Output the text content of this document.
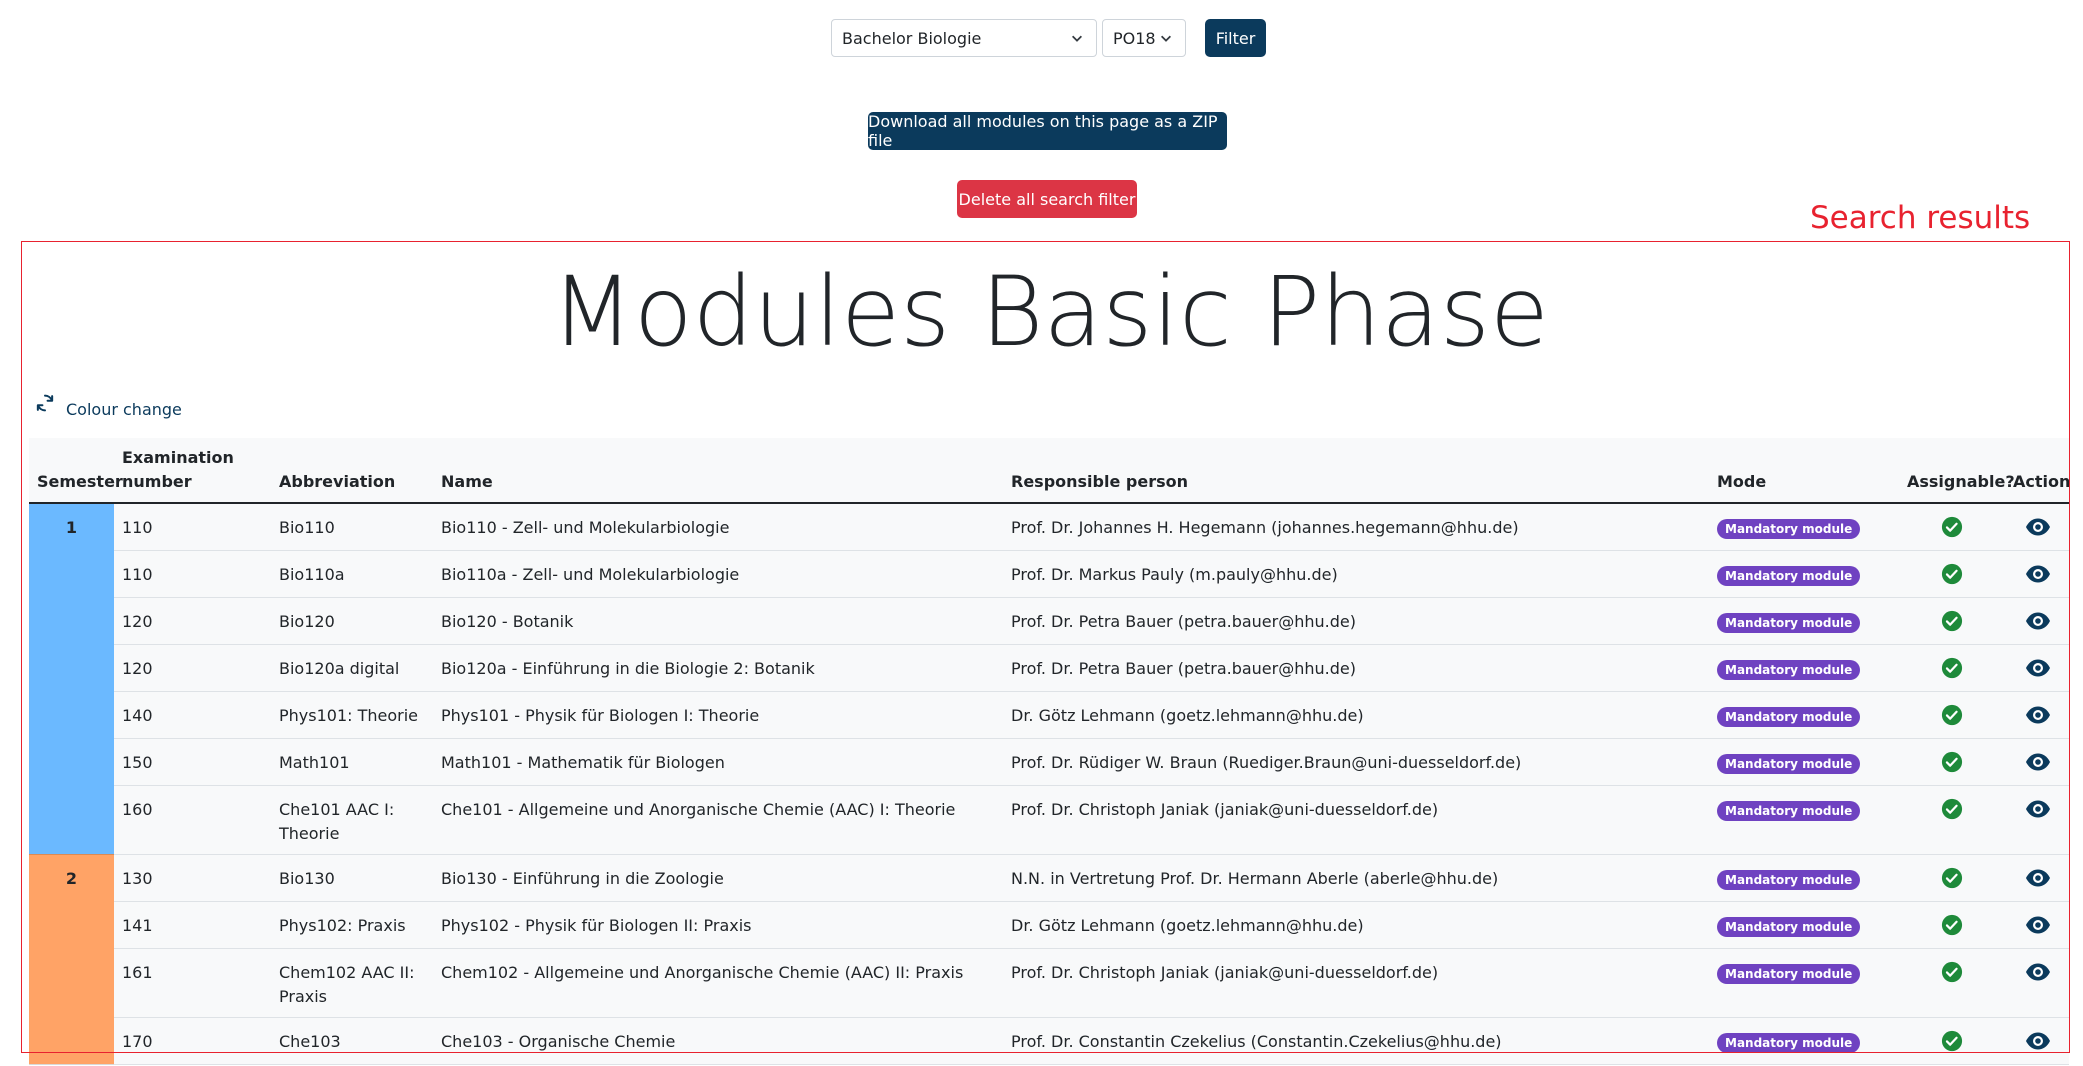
Bachelor Biologie	PO18	Filter
Download all modules on this page as a ZIP file
Delete all search filter
Search results
Modules Basic Phase
Colour change
Semester	Examination number	Abbreviation	Name	Responsible person	Mode	Assignable?	Action
1	110	Bio110	Bio110 - Zell- und Molekularbiologie	Prof. Dr. Johannes H. Hegemann (johannes.hegemann@hhu.de)	Mandatory module	

	110	Bio110a	Bio110a - Zell- und Molekularbiologie	Prof. Dr. Markus Pauly (m.pauly@hhu.de)	Mandatory module	

	120	Bio120	Bio120 - Botanik	Prof. Dr. Petra Bauer (petra.bauer@hhu.de)	Mandatory module	

	120	Bio120a digital	Bio120a - Einführung in die Biologie 2: Botanik	Prof. Dr. Petra Bauer (petra.bauer@hhu.de)	Mandatory module	

	140	Phys101: Theorie	Phys101 - Physik für Biologen I: Theorie	Dr. Götz Lehmann (goetz.lehmann@hhu.de)	Mandatory module	

	150	Math101	Math101 - Mathematik für Biologen	Prof. Dr. Rüdiger W. Braun (Ruediger.Braun@uni-duesseldorf.de)	Mandatory module	

	160	Che101 AAC I: Theorie	Che101 - Allgemeine und Anorganische Chemie (AAC) I: Theorie	Prof. Dr. Christoph Janiak (janiak@uni-duesseldorf.de)	Mandatory module	

2	130	Bio130	Bio130 - Einführung in die Zoologie	N.N. in Vertretung Prof. Dr. Hermann Aberle (aberle@hhu.de)	Mandatory module	

	141	Phys102: Praxis	Phys102 - Physik für Biologen II: Praxis	Dr. Götz Lehmann (goetz.lehmann@hhu.de)	Mandatory module	

	161	Chem102 AAC II: Praxis	Chem102 - Allgemeine und Anorganische Chemie (AAC) II: Praxis	Prof. Dr. Christoph Janiak (janiak@uni-duesseldorf.de)	Mandatory module	

	170	Che103	Che103 - Organische Chemie	Prof. Dr. Constantin Czekelius (Constantin.Czekelius@hhu.de)	Mandatory module	
